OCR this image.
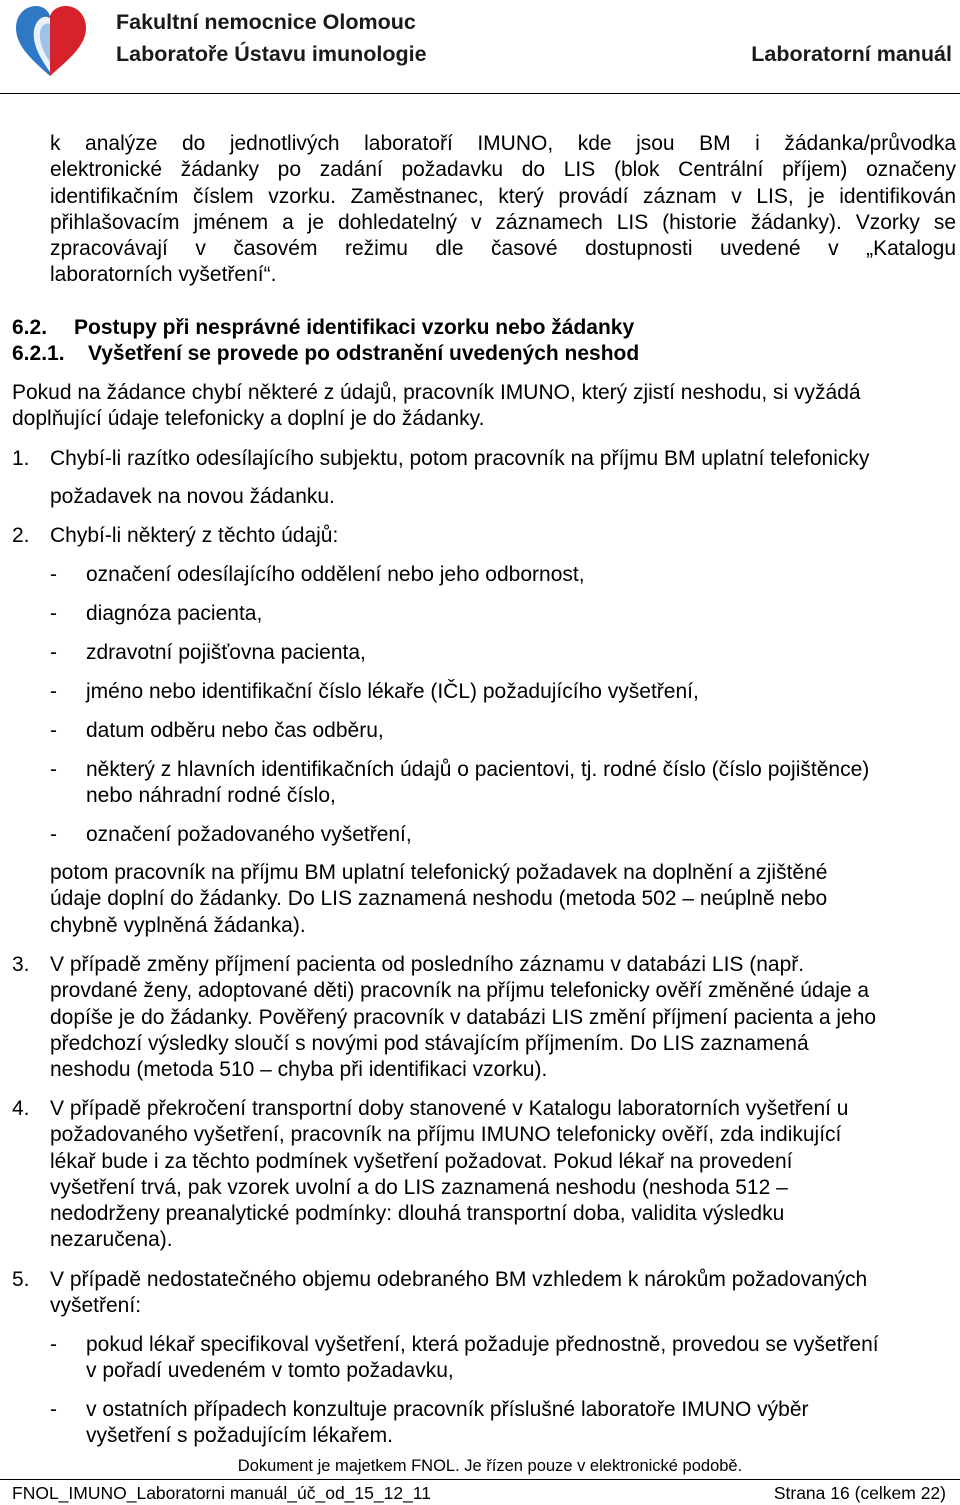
Fakultní nemocnice Olomouc
Laboratoře Ústavu imunologie	Laboratorní manuál
k analýze do jednotlivých laboratoří IMUNO, kde jsou BM i žádanka/průvodka
elektronické žádanky po zadání požadavku do LIS (blok Centrální příjem) označeny
identifikačním číslem vzorku. Zaměstnanec, který provádí záznam v LIS, je identifikován
přihlašovacím jménem a je dohledatelný v záznamech LIS (historie žádanky). Vzorky se
zpracovávají v časovém režimu dle časové dostupnosti uvedené v „Katalogu
laboratorních vyšetření“.
6.2. Postupy při nesprávné identifikaci vzorku nebo žádanky
6.2.1. Vyšetření se provede po odstranění uvedených neshod
Pokud na žádance chybí některé z údajů, pracovník IMUNO, který zjistí neshodu, si vyžádá
doplňující údaje telefonicky a doplní je do žádanky.
1. Chybí-li razítko odesílajícího subjektu, potom pracovník na příjmu BM uplatní telefonicky
požadavek na novou žádanku.
2. Chybí-li některý z těchto údajů:
- označení odesílajícího oddělení nebo jeho odbornost,
- diagnóza pacienta,
- zdravotní pojišťovna pacienta,
- jméno nebo identifikační číslo lékaře (IČL) požadujícího vyšetření,
- datum odběru nebo čas odběru,
- některý z hlavních identifikačních údajů o pacientovi, tj. rodné číslo (číslo pojištěnce)
nebo náhradní rodné číslo,
- označení požadovaného vyšetření,
potom pracovník na příjmu BM uplatní telefonický požadavek na doplnění a zjištěné
údaje doplní do žádanky. Do LIS zaznamená neshodu (metoda 502 – neúplně nebo
chybně vyplněná žádanka).
3. V případě změny příjmení pacienta od posledního záznamu v databázi LIS (např.
provdané ženy, adoptované děti) pracovník na příjmu telefonicky ověří změněné údaje a
dopíše je do žádanky. Pověřený pracovník v databázi LIS změní příjmení pacienta a jeho
předchozí výsledky sloučí s novými pod stávajícím příjmením. Do LIS zaznamená
neshodu (metoda 510 – chyba při identifikaci vzorku).
4. V případě překročení transportní doby stanovené v Katalogu laboratorních vyšetření u
požadovaného vyšetření, pracovník na příjmu IMUNO telefonicky ověří, zda indikující
lékař bude i za těchto podmínek vyšetření požadovat. Pokud lékař na provedení
vyšetření trvá, pak vzorek uvolní a do LIS zaznamená neshodu (neshoda 512 –
nedodrženy preanalytické podmínky: dlouhá transportní doba, validita výsledku
nezaručena).
5. V případě nedostatečného objemu odebraného BM vzhledem k nárokům požadovaných
vyšetření:
- pokud lékař specifikoval vyšetření, která požaduje přednostně, provedou se vyšetření
v pořadí uvedeném v tomto požadavku,
- v ostatních případech konzultuje pracovník příslušné laboratoře IMUNO výběr
vyšetření s požadujícím lékařem.
Dokument je majetkem FNOL. Je řízen pouze v elektronické podobě.
FNOL_IMUNO_Laboratorni manuál_úč_od_15_12_11	Strana 16 (celkem 22)
